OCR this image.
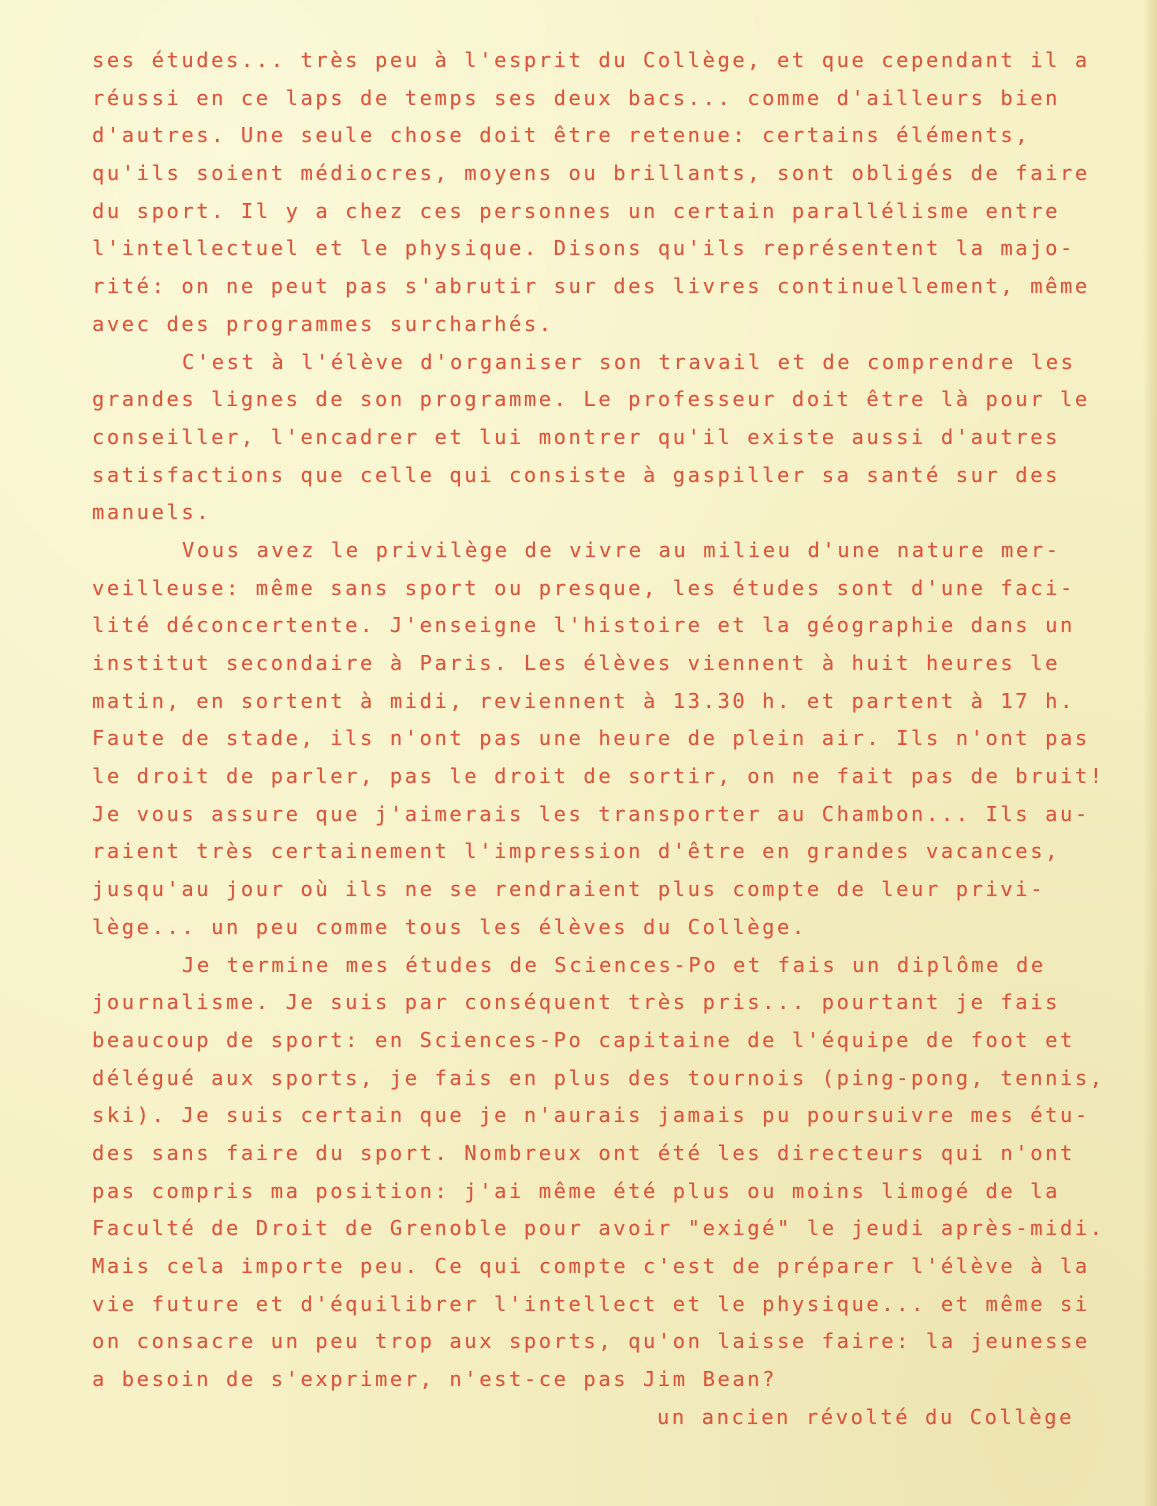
ses études... très peu à l'esprit du Collège, et que cependant il a
réussi en ce laps de temps ses deux bacs... comme d'ailleurs bien
d'autres. Une seule chose doit être retenue: certains éléments,
qu'ils soient médiocres, moyens ou brillants, sont obligés de faire
du sport. Il y a chez ces personnes un certain parallélisme entre
l'intellectuel et le physique. Disons qu'ils représentent la majo-
rité: on ne peut pas s'abrutir sur des livres continuellement, même
avec des programmes surcharhés.
C'est à l'élève d'organiser son travail et de comprendre les
grandes lignes de son programme. Le professeur doit être là pour le
conseiller, l'encadrer et lui montrer qu'il existe aussi d'autres
satisfactions que celle qui consiste à gaspiller sa santé sur des
manuels.
Vous avez le privilège de vivre au milieu d'une nature mer-
veilleuse: même sans sport ou presque, les études sont d'une faci-
lité déconcertente. J'enseigne l'histoire et la géographie dans un
institut secondaire à Paris. Les élèves viennent à huit heures le
matin, en sortent à midi, reviennent à 13.30 h. et partent à 17 h.
Faute de stade, ils n'ont pas une heure de plein air. Ils n'ont pas
le droit de parler, pas le droit de sortir, on ne fait pas de bruit!
Je vous assure que j'aimerais les transporter au Chambon... Ils au-
raient très certainement l'impression d'être en grandes vacances,
jusqu'au jour où ils ne se rendraient plus compte de leur privi-
lège... un peu comme tous les élèves du Collège.
Je termine mes études de Sciences-Po et fais un diplôme de
journalisme. Je suis par conséquent très pris... pourtant je fais
beaucoup de sport: en Sciences-Po capitaine de l'équipe de foot et
délégué aux sports, je fais en plus des tournois (ping-pong, tennis,
ski). Je suis certain que je n'aurais jamais pu poursuivre mes étu-
des sans faire du sport. Nombreux ont été les directeurs qui n'ont
pas compris ma position: j'ai même été plus ou moins limogé de la
Faculté de Droit de Grenoble pour avoir "exigé" le jeudi après-midi.
Mais cela importe peu. Ce qui compte c'est de préparer l'élève à la
vie future et d'équilibrer l'intellect et le physique... et même si
on consacre un peu trop aux sports, qu'on laisse faire: la jeunesse
a besoin de s'exprimer, n'est-ce pas Jim Bean?
un ancien révolté du Collège
